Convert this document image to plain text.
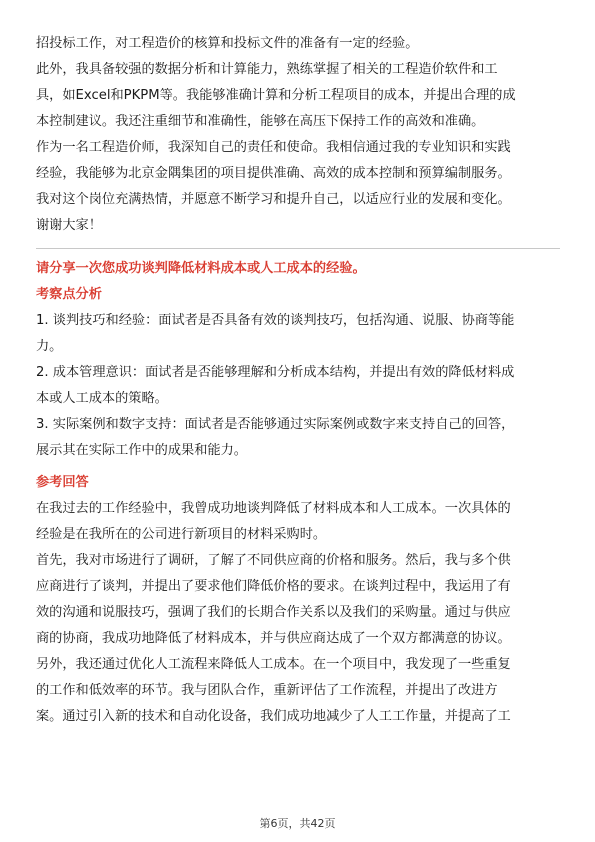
招投标工作，对工程造价的核算和投标文件的准备有一定的经验。
此外，我具备较强的数据分析和计算能力，熟练掌握了相关的工程造价软件和工
具，如Excel和PKPM等。我能够准确计算和分析工程项目的成本，并提出合理的成
本控制建议。我还注重细节和准确性，能够在高压下保持工作的高效和准确。
作为一名工程造价师，我深知自己的责任和使命。我相信通过我的专业知识和实践
经验，我能够为北京金隅集团的项目提供准确、高效的成本控制和预算编制服务。
我对这个岗位充满热情，并愿意不断学习和提升自己，以适应行业的发展和变化。
谢谢大家！
请分享一次您成功谈判降低材料成本或人工成本的经验。
考察点分析
1. 谈判技巧和经验：面试者是否具备有效的谈判技巧，包括沟通、说服、协商等能
力。
2. 成本管理意识：面试者是否能够理解和分析成本结构，并提出有效的降低材料成
本或人工成本的策略。
3. 实际案例和数字支持：面试者是否能够通过实际案例或数字来支持自己的回答，
展示其在实际工作中的成果和能力。
参考回答
在我过去的工作经验中，我曾成功地谈判降低了材料成本和人工成本。一次具体的
经验是在我所在的公司进行新项目的材料采购时。
首先，我对市场进行了调研，了解了不同供应商的价格和服务。然后，我与多个供
应商进行了谈判，并提出了要求他们降低价格的要求。在谈判过程中，我运用了有
效的沟通和说服技巧，强调了我们的长期合作关系以及我们的采购量。通过与供应
商的协商，我成功地降低了材料成本，并与供应商达成了一个双方都满意的协议。
另外，我还通过优化人工流程来降低人工成本。在一个项目中，我发现了一些重复
的工作和低效率的环节。我与团队合作，重新评估了工作流程，并提出了改进方
案。通过引入新的技术和自动化设备，我们成功地减少了人工工作量，并提高了工
第6页，共42页
